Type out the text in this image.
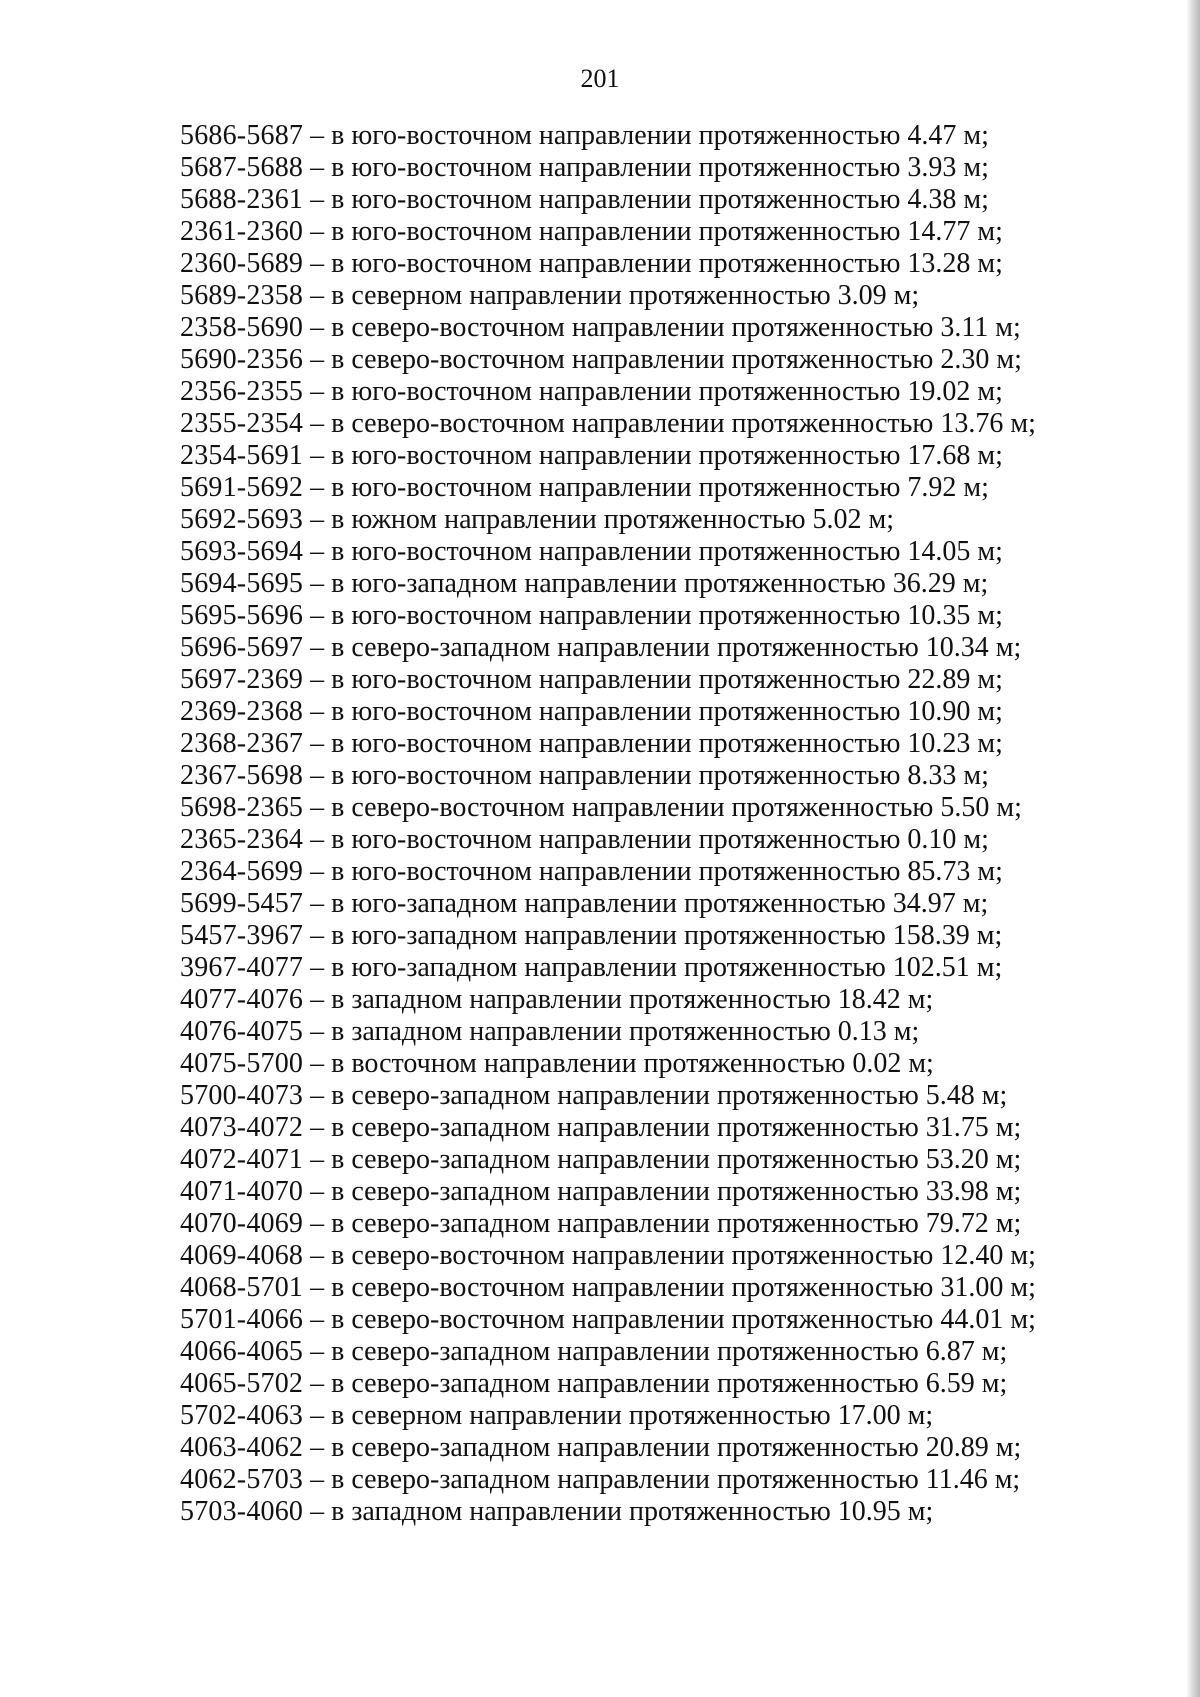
201
5686-5687 – в юго-восточном направлении протяженностью 4.47 м;
5687-5688 – в юго-восточном направлении протяженностью 3.93 м;
5688-2361 – в юго-восточном направлении протяженностью 4.38 м;
2361-2360 – в юго-восточном направлении протяженностью 14.77 м;
2360-5689 – в юго-восточном направлении протяженностью 13.28 м;
5689-2358 – в северном направлении протяженностью 3.09 м;
2358-5690 – в северо-восточном направлении протяженностью 3.11 м;
5690-2356 – в северо-восточном направлении протяженностью 2.30 м;
2356-2355 – в юго-восточном направлении протяженностью 19.02 м;
2355-2354 – в северо-восточном направлении протяженностью 13.76 м;
2354-5691 – в юго-восточном направлении протяженностью 17.68 м;
5691-5692 – в юго-восточном направлении протяженностью 7.92 м;
5692-5693 – в южном направлении протяженностью 5.02 м;
5693-5694 – в юго-восточном направлении протяженностью 14.05 м;
5694-5695 – в юго-западном направлении протяженностью 36.29 м;
5695-5696 – в юго-восточном направлении протяженностью 10.35 м;
5696-5697 – в северо-западном направлении протяженностью 10.34 м;
5697-2369 – в юго-восточном направлении протяженностью 22.89 м;
2369-2368 – в юго-восточном направлении протяженностью 10.90 м;
2368-2367 – в юго-восточном направлении протяженностью 10.23 м;
2367-5698 – в юго-восточном направлении протяженностью 8.33 м;
5698-2365 – в северо-восточном направлении протяженностью 5.50 м;
2365-2364 – в юго-восточном направлении протяженностью 0.10 м;
2364-5699 – в юго-восточном направлении протяженностью 85.73 м;
5699-5457 – в юго-западном направлении протяженностью 34.97 м;
5457-3967 – в юго-западном направлении протяженностью 158.39 м;
3967-4077 – в юго-западном направлении протяженностью 102.51 м;
4077-4076 – в западном направлении протяженностью 18.42 м;
4076-4075 – в западном направлении протяженностью 0.13 м;
4075-5700 – в восточном направлении протяженностью 0.02 м;
5700-4073 – в северо-западном направлении протяженностью 5.48 м;
4073-4072 – в северо-западном направлении протяженностью 31.75 м;
4072-4071 – в северо-западном направлении протяженностью 53.20 м;
4071-4070 – в северо-западном направлении протяженностью 33.98 м;
4070-4069 – в северо-западном направлении протяженностью 79.72 м;
4069-4068 – в северо-восточном направлении протяженностью 12.40 м;
4068-5701 – в северо-восточном направлении протяженностью 31.00 м;
5701-4066 – в северо-восточном направлении протяженностью 44.01 м;
4066-4065 – в северо-западном направлении протяженностью 6.87 м;
4065-5702 – в северо-западном направлении протяженностью 6.59 м;
5702-4063 – в северном направлении протяженностью 17.00 м;
4063-4062 – в северо-западном направлении протяженностью 20.89 м;
4062-5703 – в северо-западном направлении протяженностью 11.46 м;
5703-4060 – в западном направлении протяженностью 10.95 м;
